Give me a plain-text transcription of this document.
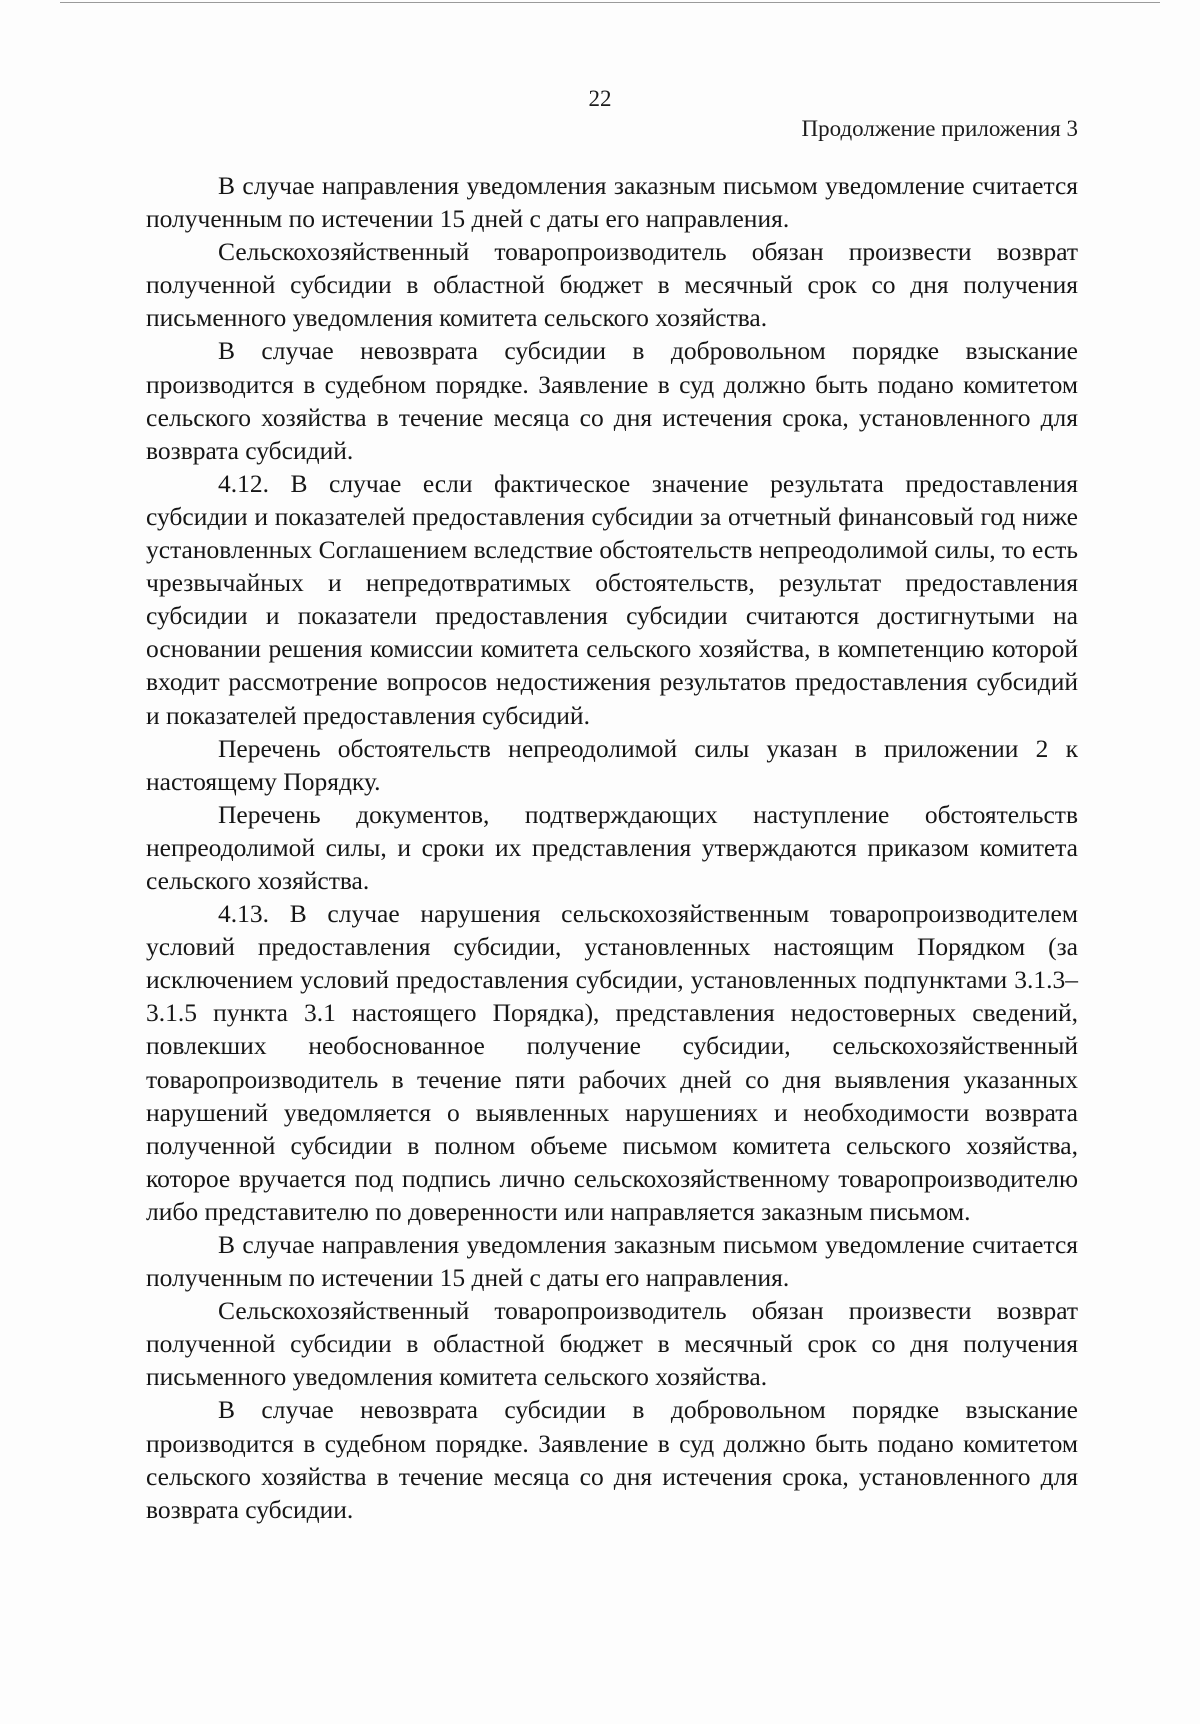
22
Продолжение приложения 3

В случае направления уведомления заказным письмом уведомление считается полученным по истечении 15 дней с даты его направления.

Сельскохозяйственный товаропроизводитель обязан произвести возврат полученной субсидии в областной бюджет в месячный срок со дня получения письменного уведомления комитета сельского хозяйства.

В случае невозврата субсидии в добровольном порядке взыскание производится в судебном порядке. Заявление в суд должно быть подано комитетом сельского хозяйства в течение месяца со дня истечения срока, установленного для возврата субсидий.

4.12. В случае если фактическое значение результата предоставления субсидии и показателей предоставления субсидии за отчетный финансовый год ниже установленных Соглашением вследствие обстоятельств непреодолимой силы, то есть чрезвычайных и непредотвратимых обстоятельств, результат предоставления субсидии и показатели предоставления субсидии считаются достигнутыми на основании решения комиссии комитета сельского хозяйства, в компетенцию которой входит рассмотрение вопросов недостижения результатов предоставления субсидий и показателей предоставления субсидий.

Перечень обстоятельств непреодолимой силы указан в приложении 2 к настоящему Порядку.

Перечень документов, подтверждающих наступление обстоятельств непреодолимой силы, и сроки их представления утверждаются приказом комитета сельского хозяйства.

4.13. В случае нарушения сельскохозяйственным товаропроизводителем условий предоставления субсидии, установленных настоящим Порядком (за исключением условий предоставления субсидии, установленных подпунктами 3.1.3–3.1.5 пункта 3.1 настоящего Порядка), представления недостоверных сведений, повлекших необоснованное получение субсидии, сельскохозяйственный товаропроизводитель в течение пяти рабочих дней со дня выявления указанных нарушений уведомляется о выявленных нарушениях и необходимости возврата полученной субсидии в полном объеме письмом комитета сельского хозяйства, которое вручается под подпись лично сельскохозяйственному товаропроизводителю либо представителю по доверенности или направляется заказным письмом.

В случае направления уведомления заказным письмом уведомление считается полученным по истечении 15 дней с даты его направления.

Сельскохозяйственный товаропроизводитель обязан произвести возврат полученной субсидии в областной бюджет в месячный срок со дня получения письменного уведомления комитета сельского хозяйства.

В случае невозврата субсидии в добровольном порядке взыскание производится в судебном порядке. Заявление в суд должно быть подано комитетом сельского хозяйства в течение месяца со дня истечения срока, установленного для возврата субсидии.
